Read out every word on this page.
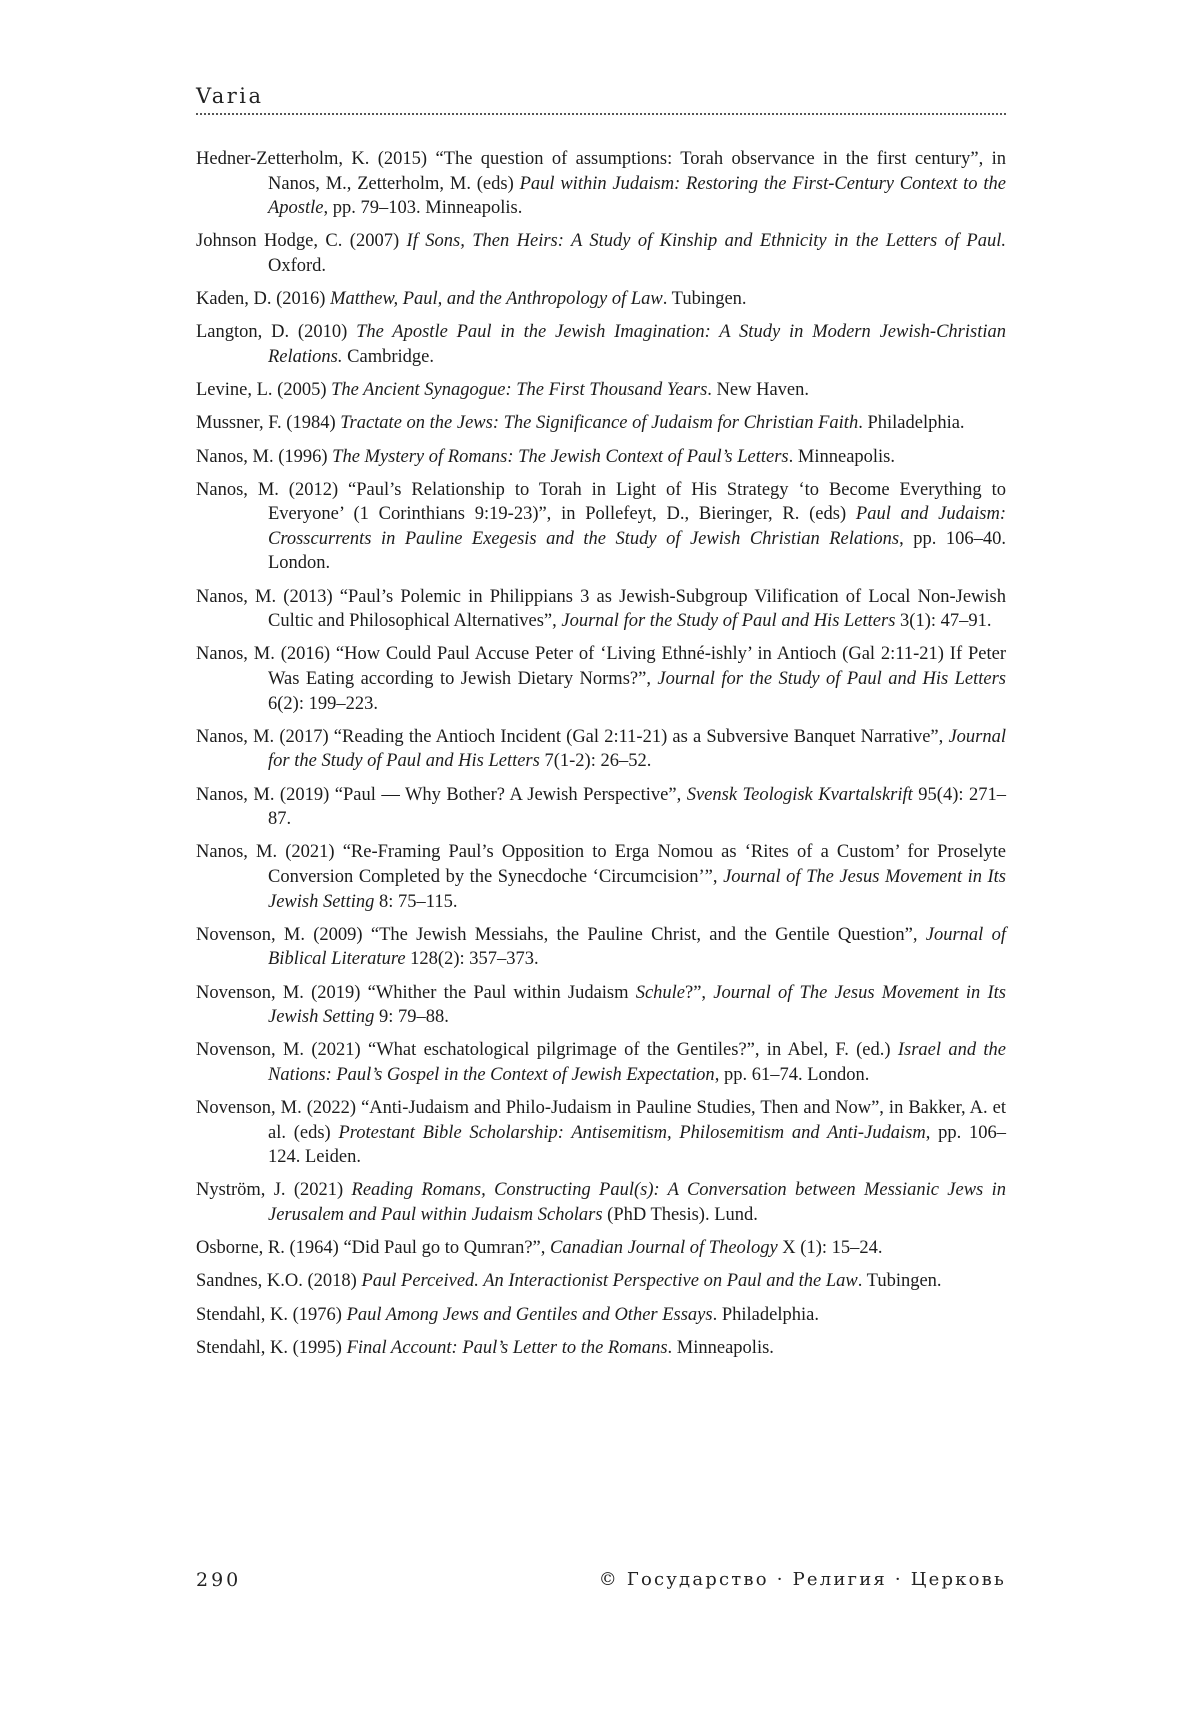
Varia
Hedner-Zetterholm, K. (2015) “The question of assumptions: Torah observance in the first century”, in Nanos, M., Zetterholm, M. (eds) Paul within Judaism: Restoring the First-Century Context to the Apostle, pp. 79–103. Minneapolis.
Johnson Hodge, C. (2007) If Sons, Then Heirs: A Study of Kinship and Ethnicity in the Letters of Paul. Oxford.
Kaden, D. (2016) Matthew, Paul, and the Anthropology of Law. Tubingen.
Langton, D. (2010) The Apostle Paul in the Jewish Imagination: A Study in Modern Jewish-Christian Relations. Cambridge.
Levine, L. (2005) The Ancient Synagogue: The First Thousand Years. New Haven.
Mussner, F. (1984) Tractate on the Jews: The Significance of Judaism for Christian Faith. Philadelphia.
Nanos, M. (1996) The Mystery of Romans: The Jewish Context of Paul’s Letters. Minneapolis.
Nanos, M. (2012) “Paul’s Relationship to Torah in Light of His Strategy ‘to Become Everything to Everyone’ (1 Corinthians 9:19-23)”, in Pollefeyt, D., Bieringer, R. (eds) Paul and Judaism: Crosscurrents in Pauline Exegesis and the Study of Jewish Christian Relations, pp. 106–40. London.
Nanos, M. (2013) “Paul’s Polemic in Philippians 3 as Jewish-Subgroup Vilification of Local Non-Jewish Cultic and Philosophical Alternatives”, Journal for the Study of Paul and His Letters 3(1): 47–91.
Nanos, M. (2016) “How Could Paul Accuse Peter of ‘Living Ethné-ishly’ in Antioch (Gal 2:11-21) If Peter Was Eating according to Jewish Dietary Norms?”, Journal for the Study of Paul and His Letters 6(2): 199–223.
Nanos, M. (2017) “Reading the Antioch Incident (Gal 2:11-21) as a Subversive Banquet Narrative”, Journal for the Study of Paul and His Letters 7(1-2): 26–52.
Nanos, M. (2019) “Paul — Why Bother? A Jewish Perspective”, Svensk Teologisk Kvartalskrift 95(4): 271–87.
Nanos, M. (2021) “Re-Framing Paul’s Opposition to Erga Nomou as ‘Rites of a Custom’ for Proselyte Conversion Completed by the Synecdoche ‘Circumcision’”, Journal of The Jesus Movement in Its Jewish Setting 8: 75–115.
Novenson, M. (2009) “The Jewish Messiahs, the Pauline Christ, and the Gentile Question”, Journal of Biblical Literature 128(2): 357–373.
Novenson, M. (2019) “Whither the Paul within Judaism Schule?”, Journal of The Jesus Movement in Its Jewish Setting 9: 79–88.
Novenson, M. (2021) “What eschatological pilgrimage of the Gentiles?”, in Abel, F. (ed.) Israel and the Nations: Paul’s Gospel in the Context of Jewish Expectation, pp. 61–74. London.
Novenson, M. (2022) “Anti-Judaism and Philo-Judaism in Pauline Studies, Then and Now”, in Bakker, A. et al. (eds) Protestant Bible Scholarship: Antisemitism, Philosemitism and Anti-Judaism, pp. 106–124. Leiden.
Nyström, J. (2021) Reading Romans, Constructing Paul(s): A Conversation between Messianic Jews in Jerusalem and Paul within Judaism Scholars (PhD Thesis). Lund.
Osborne, R. (1964) “Did Paul go to Qumran?”, Canadian Journal of Theology X (1): 15–24.
Sandnes, K.O. (2018) Paul Perceived. An Interactionist Perspective on Paul and the Law. Tubingen.
Stendahl, K. (1976) Paul Among Jews and Gentiles and Other Essays. Philadelphia.
Stendahl, K. (1995) Final Account: Paul’s Letter to the Romans. Minneapolis.
290	© Государство · Религия · Церковь
